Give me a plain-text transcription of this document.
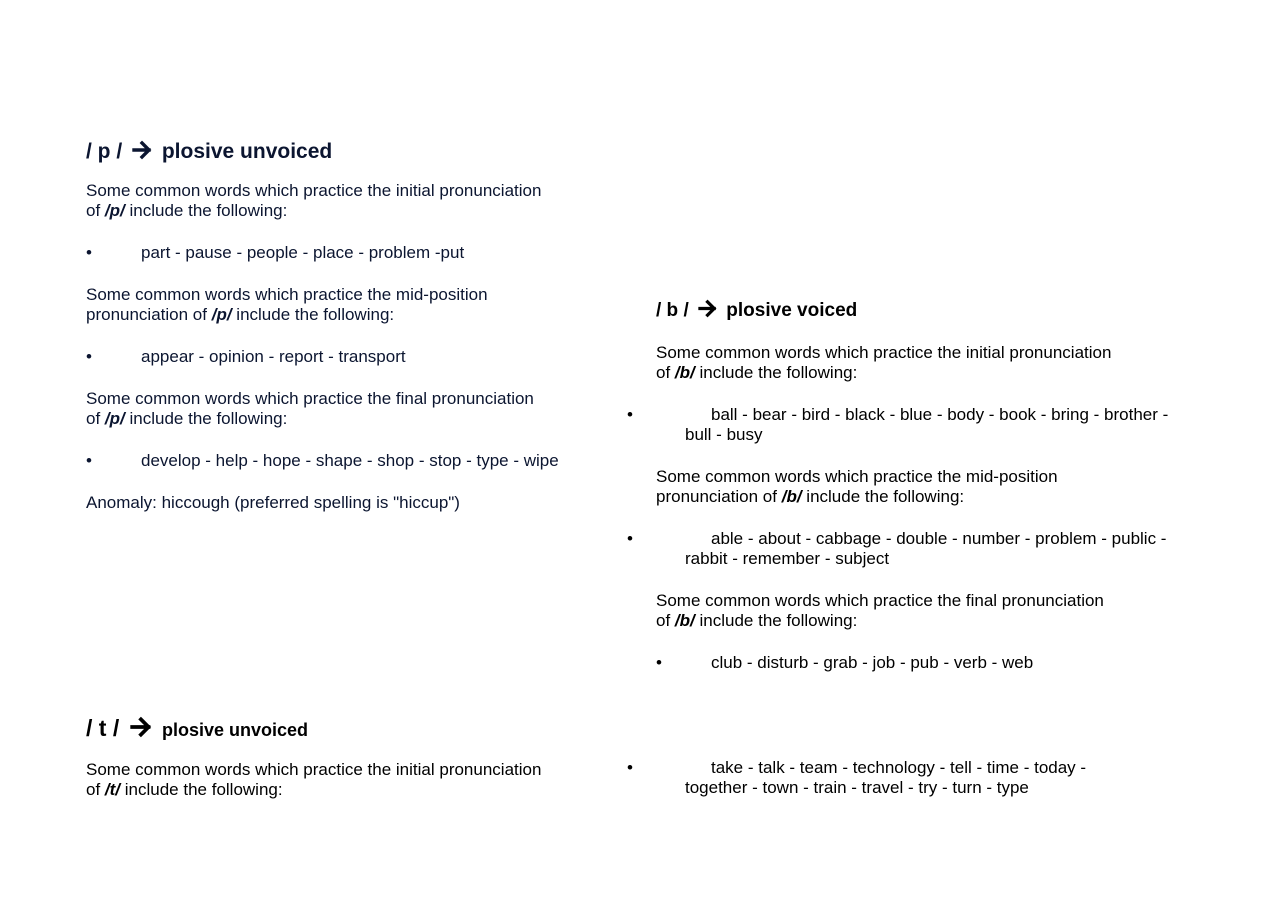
/ p / plosive unvoiced

Some common words which practice the initial pronunciation
of /p/ include the following:

•	part - pause - people - place - problem -put

Some common words which practice the mid-position
pronunciation of /p/ include the following:

•	appear - opinion - report - transport

Some common words which practice the final pronunciation
of /p/ include the following:

•	develop - help - hope - shape - shop - stop - type - wipe

Anomaly: hiccough (preferred spelling is "hiccup")

/ b / plosive voiced

Some common words which practice the initial pronunciation
of /b/ include the following:

•	ball - bear - bird - black - blue - body - book - bring - brother - bull - busy

Some common words which practice the mid-position
pronunciation of /b/ include the following:

•	able - about - cabbage - double - number - problem - public - rabbit - remember - subject

Some common words which practice the final pronunciation
of /b/ include the following:

•	club - disturb - grab - job - pub - verb - web

/ t / plosive unvoiced

Some common words which practice the initial pronunciation
of /t/ include the following:

•	take - talk - team - technology - tell - time - today - together - town - train - travel - try - turn - type
